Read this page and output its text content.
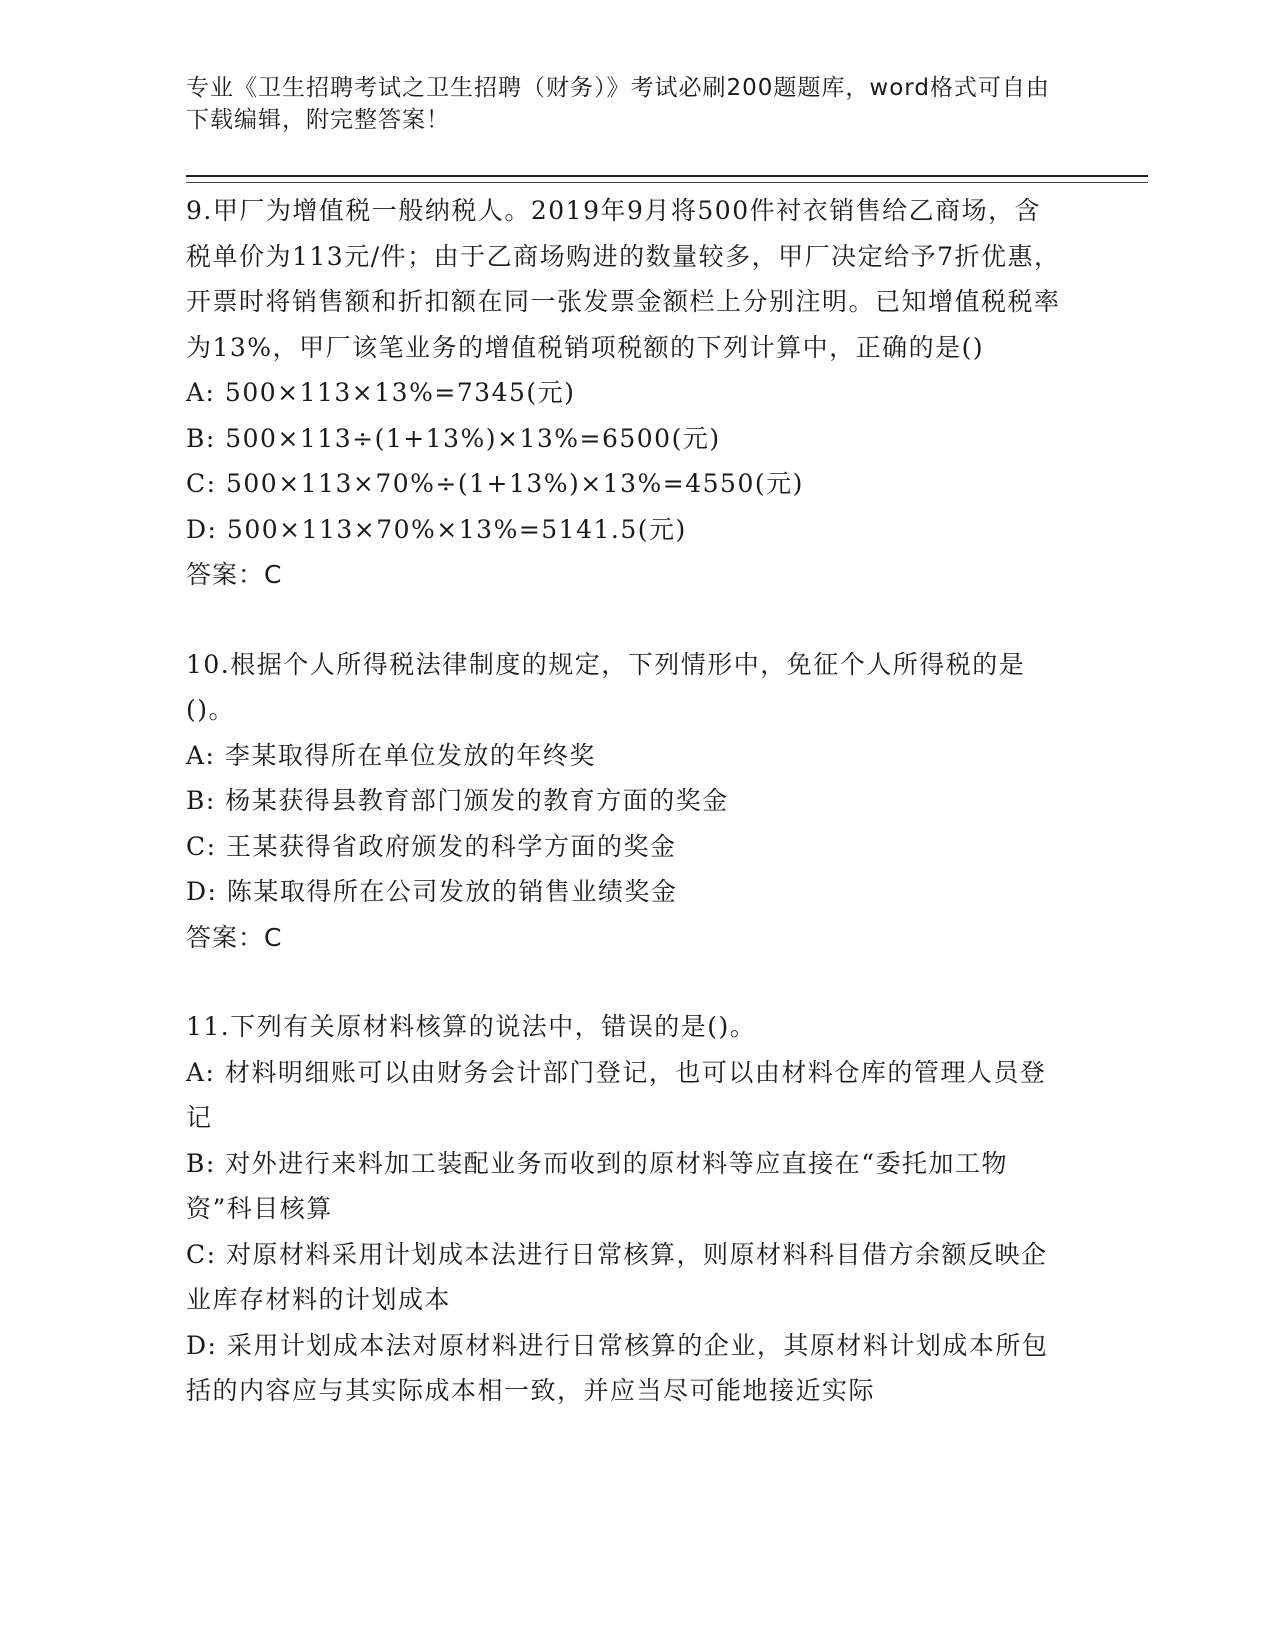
专业《卫生招聘考试之卫生招聘（财务）》考试必刷200题题库，word格式可自由下载编辑，附完整答案！
9.甲厂为增值税一般纳税人。2019年9月将500件衬衣销售给乙商场，含税单价为113元/件；由于乙商场购进的数量较多，甲厂决定给予7折优惠，开票时将销售额和折扣额在同一张发票金额栏上分别注明。已知增值税税率为13%，甲厂该笔业务的增值税销项税额的下列计算中，正确的是()
A: 500×113×13%=7345(元)
B: 500×113÷(1+13%)×13%=6500(元)
C: 500×113×70%÷(1+13%)×13%=4550(元)
D: 500×113×70%×13%=5141.5(元)
答案：C
10.根据个人所得税法律制度的规定，下列情形中，免征个人所得税的是()。
A: 李某取得所在单位发放的年终奖
B: 杨某获得县教育部门颁发的教育方面的奖金
C: 王某获得省政府颁发的科学方面的奖金
D: 陈某取得所在公司发放的销售业绩奖金
答案：C
11.下列有关原材料核算的说法中，错误的是()。
A: 材料明细账可以由财务会计部门登记，也可以由材料仓库的管理人员登记
B: 对外进行来料加工装配业务而收到的原材料等应直接在“委托加工物资”科目核算
C: 对原材料采用计划成本法进行日常核算，则原材料科目借方余额反映企业库存材料的计划成本
D: 采用计划成本法对原材料进行日常核算的企业，其原材料计划成本所包括的内容应与其实际成本相一致，并应当尽可能地接近实际
